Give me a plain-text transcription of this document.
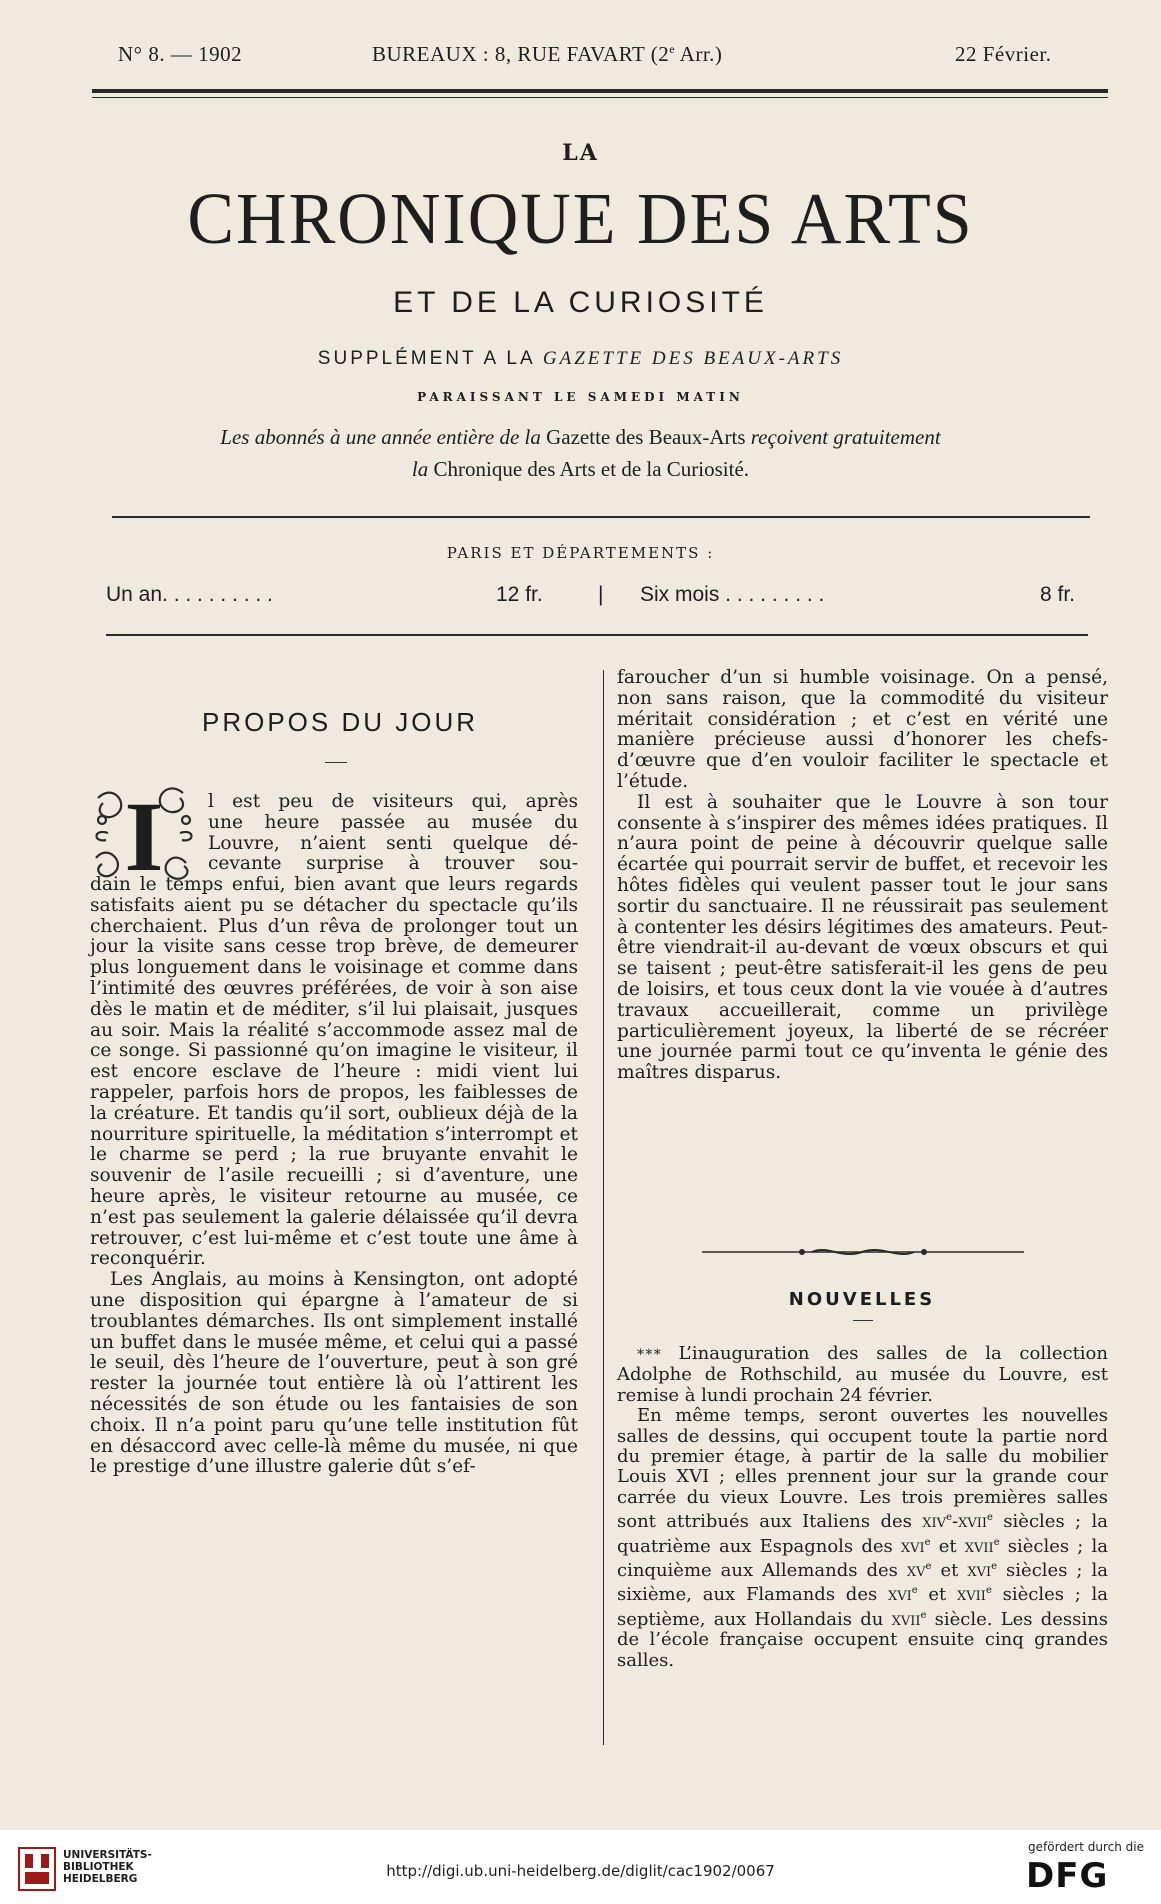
N° 8. — 1902	BUREAUX : 8, RUE FAVART (2e Arr.)	22 Février.
LA
CHRONIQUE DES ARTS
ET DE LA CURIOSITÉ
SUPPLÉMENT A LA GAZETTE DES BEAUX-ARTS
PARAISSANT LE SAMEDI MATIN
Les abonnés à une année entière de la Gazette des Beaux-Arts reçoivent gratuitement
la Chronique des Arts et de la Curiosité.
PARIS ET DÉPARTEMENTS :
Un an. . . . . . . . . .	12 fr.	| Six mois . . . . . . . . .	8 fr.
PROPOS DU JOUR
I l est peu de visiteurs qui, après
une heure passée au musée du
Louvre, n’aient senti quelque dé-
cevante surprise à trouver sou-

dain le temps enfui, bien avant que leurs regards satisfaits aient pu se détacher du spectacle qu’ils cherchaient. Plus d’un rêva de prolonger tout un jour la visite sans cesse trop brève, de demeurer plus longuement dans le voisinage et comme dans l’intimité des œuvres préférées, de voir à son aise dès le matin et de méditer, s’il lui plaisait, jusques au soir. Mais la réalité s’accommode assez mal de ce songe. Si passionné qu’on imagine le visiteur, il est encore esclave de l’heure : midi vient lui rappeler, parfois hors de propos, les faiblesses de la créature. Et tandis qu’il sort, oublieux déjà de la nourriture spirituelle, la méditation s’interrompt et le charme se perd ; la rue bruyante envahit le souvenir de l’asile recueilli ; si d’aventure, une heure après, le visiteur retourne au musée, ce n’est pas seulement la galerie délaissée qu’il devra retrouver, c’est lui-même et c’est toute une âme à reconquérir.

Les Anglais, au moins à Kensington, ont adopté une disposition qui épargne à l’amateur de si troublantes démarches. Ils ont simplement installé un buffet dans le musée même, et celui qui a passé le seuil, dès l’heure de l’ouverture, peut à son gré rester la journée tout entière là où l’attirent les nécessités de son étude ou les fantaisies de son choix. Il n’a point paru qu’une telle institution fût en désaccord avec celle-là même du musée, ni que le prestige d’une illustre galerie dût s’ef-

faroucher d’un si humble voisinage. On a pensé, non sans raison, que la commodité du visiteur méritait considération ; et c’est en vérité une manière précieuse aussi d’honorer les chefs-d’œuvre que d’en vouloir faciliter le spectacle et l’étude.

Il est à souhaiter que le Louvre à son tour consente à s’inspirer des mêmes idées pratiques. Il n’aura point de peine à découvrir quelque salle écartée qui pourrait servir de buffet, et recevoir les hôtes fidèles qui veulent passer tout le jour sans sortir du sanctuaire. Il ne réussirait pas seulement à contenter les désirs légitimes des amateurs. Peut-être viendrait-il au-devant de vœux obscurs et qui se taisent ; peut-être satisferait-il les gens de peu de loisirs, et tous ceux dont la vie vouée à d’autres travaux accueillerait, comme un privilège particulièrement joyeux, la liberté de se récréer une journée parmi tout ce qu’inventa le génie des maîtres disparus.

NOUVELLES

* * * L’inauguration des salles de la collection Adolphe de Rothschild, au musée du Louvre, est remise à lundi prochain 24 février.

En même temps, seront ouvertes les nouvelles salles de dessins, qui occupent toute la partie nord du premier étage, à partir de la salle du mobilier Louis XVI ; elles prennent jour sur la grande cour carrée du vieux Louvre. Les trois premières salles sont attribués aux Italiens des xiv$^e$-xvii$^e$ siècles ; la quatrième aux Espagnols des xvi$^e$ et xvii$^e$ siècles ; la cinquième aux Allemands des $xv^e$ et xvi$^e$ siècles ; la sixième, aux Flamands des xvi$^e$ et xvii$^e$ siècles ; la septième, aux Hollandais du xvii$^e$ siècle. Les dessins de l’école française occupent ensuite cinq grandes salles.

UNIVERSITÄTS-
BIBLIOTHEK
HEIDELBERG	http://digi.ub.uni-heidelberg.de/diglit/cac1902/0067
gefördert durch die
DFG
